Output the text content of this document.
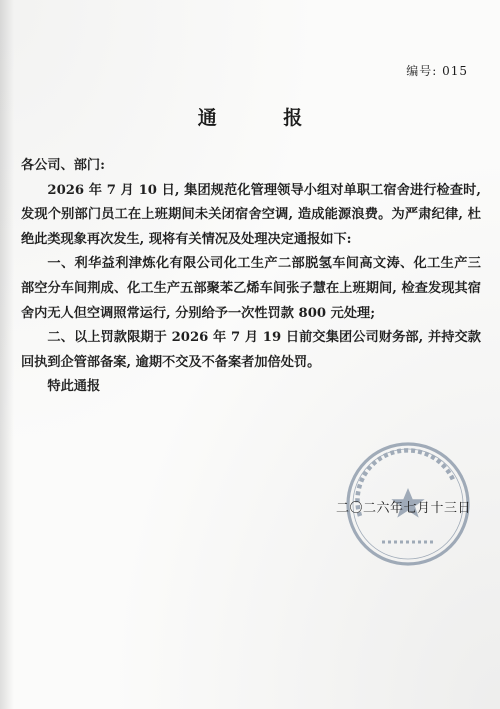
编号: 015
通 报

各公司、部门:

2026 年 7 月 10 日, 集团规范化管理领导小组对单职工宿舍进行检查时, 发现个别部门员工在上班期间未关闭宿舍空调, 造成能源浪费。为严肃纪律, 杜绝此类现象再次发生, 现将有关情况及处理决定通报如下:

一、利华益利津炼化有限公司化工生产二部脱氢车间高文涛、化工生产三部空分车间荆成、化工生产五部聚苯乙烯车间张子慧在上班期间, 检查发现其宿舍内无人但空调照常运行, 分别给予一次性罚款 800 元处理;

二、以上罚款限期于 2026 年 7 月 19 日前交集团公司财务部, 并持交款回执到企管部备案, 逾期不交及不备案者加倍处罚。

特此通报

二〇二六年七月十三日
